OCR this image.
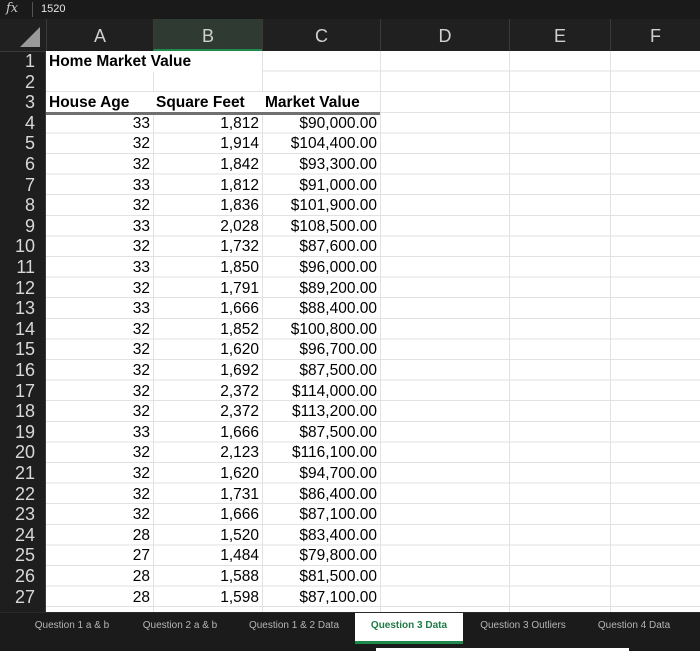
fx 1520
A	B	C	D	E	F
1
2
3
4
5
6
7
8
9
10
11
12
13
14
15
16
17
18
19
20
21
22
23
24
25
26
27
Home Market Value
House Age	Square Feet	Market Value
33	1,812	$90,000.00
32	1,914	$104,400.00
32	1,842	$93,300.00
33	1,812	$91,000.00
32	1,836	$101,900.00
33	2,028	$108,500.00
32	1,732	$87,600.00
33	1,850	$96,000.00
32	1,791	$89,200.00
33	1,666	$88,400.00
32	1,852	$100,800.00
32	1,620	$96,700.00
32	1,692	$87,500.00
32	2,372	$114,000.00
32	2,372	$113,200.00
33	1,666	$87,500.00
32	2,123	$116,100.00
32	1,620	$94,700.00
32	1,731	$86,400.00
32	1,666	$87,100.00
28	1,520	$83,400.00
27	1,484	$79,800.00
28	1,588	$81,500.00
28	1,598	$87,100.00
Question 1 a & b	Question 2 a & b	Question 1 & 2 Data	Question 3 Data	Question 3 Outliers	Question 4 Data
